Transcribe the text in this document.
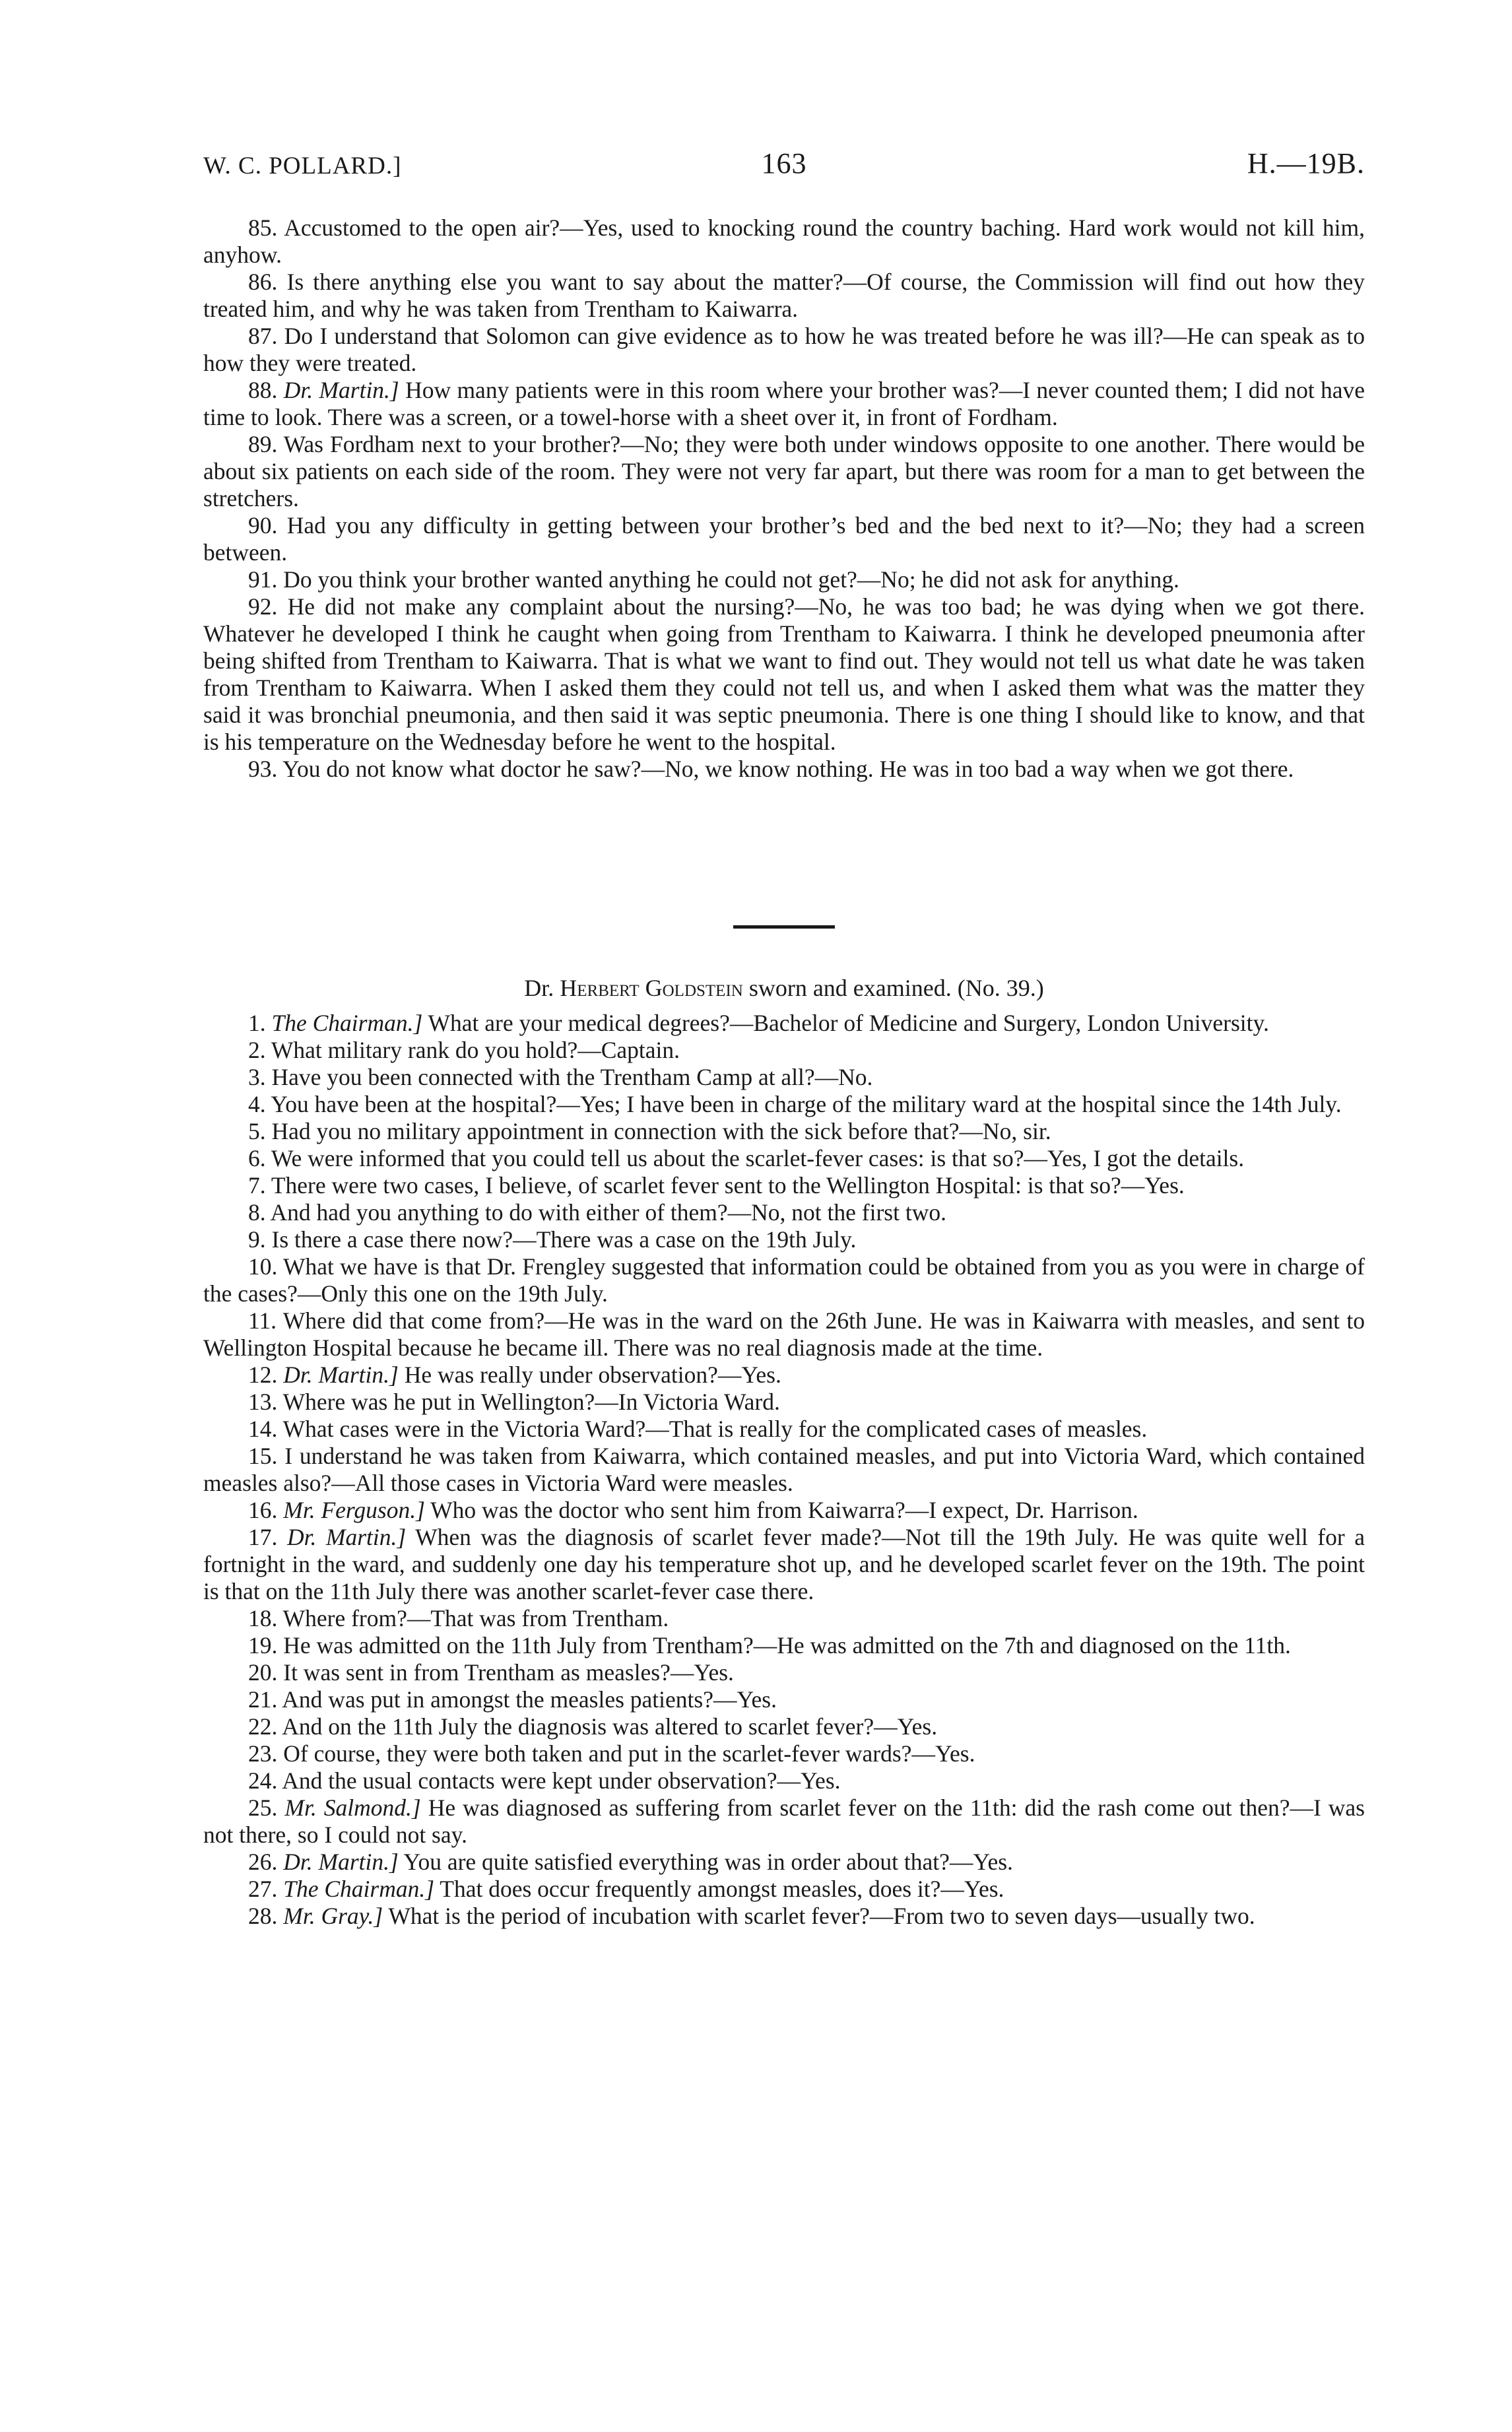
W. C. POLLARD.]	163	H.—19B.

85. Accustomed to the open air?—Yes, used to knocking round the country baching. Hard work would not kill him, anyhow.

86. Is there anything else you want to say about the matter?—Of course, the Commission will find out how they treated him, and why he was taken from Trentham to Kaiwarra.

87. Do I understand that Solomon can give evidence as to how he was treated before he was ill?—He can speak as to how they were treated.

88. Dr. Martin.] How many patients were in this room where your brother was?—I never counted them; I did not have time to look. There was a screen, or a towel-horse with a sheet over it, in front of Fordham.

89. Was Fordham next to your brother?—No; they were both under windows opposite to one another. There would be about six patients on each side of the room. They were not very far apart, but there was room for a man to get between the stretchers.

90. Had you any difficulty in getting between your brother’s bed and the bed next to it?—No; they had a screen between.

91. Do you think your brother wanted anything he could not get?—No; he did not ask for anything.

92. He did not make any complaint about the nursing?—No, he was too bad; he was dying when we got there. Whatever he developed I think he caught when going from Trentham to Kaiwarra. I think he developed pneumonia after being shifted from Trentham to Kaiwarra. That is what we want to find out. They would not tell us what date he was taken from Trentham to Kaiwarra. When I asked them they could not tell us, and when I asked them what was the matter they said it was bronchial pneumonia, and then said it was septic pneumonia. There is one thing I should like to know, and that is his temperature on the Wednesday before he went to the hospital.

93. You do not know what doctor he saw?—No, we know nothing. He was in too bad a way when we got there.

Dr. Herbert Goldstein sworn and examined. (No. 39.)

1. The Chairman.] What are your medical degrees?—Bachelor of Medicine and Surgery, London University.

2. What military rank do you hold?—Captain.

3. Have you been connected with the Trentham Camp at all?—No.

4. You have been at the hospital?—Yes; I have been in charge of the military ward at the hospital since the 14th July.

5. Had you no military appointment in connection with the sick before that?—No, sir.

6. We were informed that you could tell us about the scarlet-fever cases: is that so?—Yes, I got the details.

7. There were two cases, I believe, of scarlet fever sent to the Wellington Hospital: is that so?—Yes.

8. And had you anything to do with either of them?—No, not the first two.

9. Is there a case there now?—There was a case on the 19th July.

10. What we have is that Dr. Frengley suggested that information could be obtained from you as you were in charge of the cases?—Only this one on the 19th July.

11. Where did that come from?—He was in the ward on the 26th June. He was in Kaiwarra with measles, and sent to Wellington Hospital because he became ill. There was no real diagnosis made at the time.

12. Dr. Martin.] He was really under observation?—Yes.

13. Where was he put in Wellington?—In Victoria Ward.

14. What cases were in the Victoria Ward?—That is really for the complicated cases of measles.

15. I understand he was taken from Kaiwarra, which contained measles, and put into Victoria Ward, which contained measles also?—All those cases in Victoria Ward were measles.

16. Mr. Ferguson.] Who was the doctor who sent him from Kaiwarra?—I expect, Dr. Harrison.

17. Dr. Martin.] When was the diagnosis of scarlet fever made?—Not till the 19th July. He was quite well for a fortnight in the ward, and suddenly one day his temperature shot up, and he developed scarlet fever on the 19th. The point is that on the 11th July there was another scarlet-fever case there.

18. Where from?—That was from Trentham.

19. He was admitted on the 11th July from Trentham?—He was admitted on the 7th and diagnosed on the 11th.

20. It was sent in from Trentham as measles?—Yes.

21. And was put in amongst the measles patients?—Yes.

22. And on the 11th July the diagnosis was altered to scarlet fever?—Yes.

23. Of course, they were both taken and put in the scarlet-fever wards?—Yes.

24. And the usual contacts were kept under observation?—Yes.

25. Mr. Salmond.] He was diagnosed as suffering from scarlet fever on the 11th: did the rash come out then?—I was not there, so I could not say.

26. Dr. Martin.] You are quite satisfied everything was in order about that?—Yes.

27. The Chairman.] That does occur frequently amongst measles, does it?—Yes.

28. Mr. Gray.] What is the period of incubation with scarlet fever?—From two to seven days—usually two.
